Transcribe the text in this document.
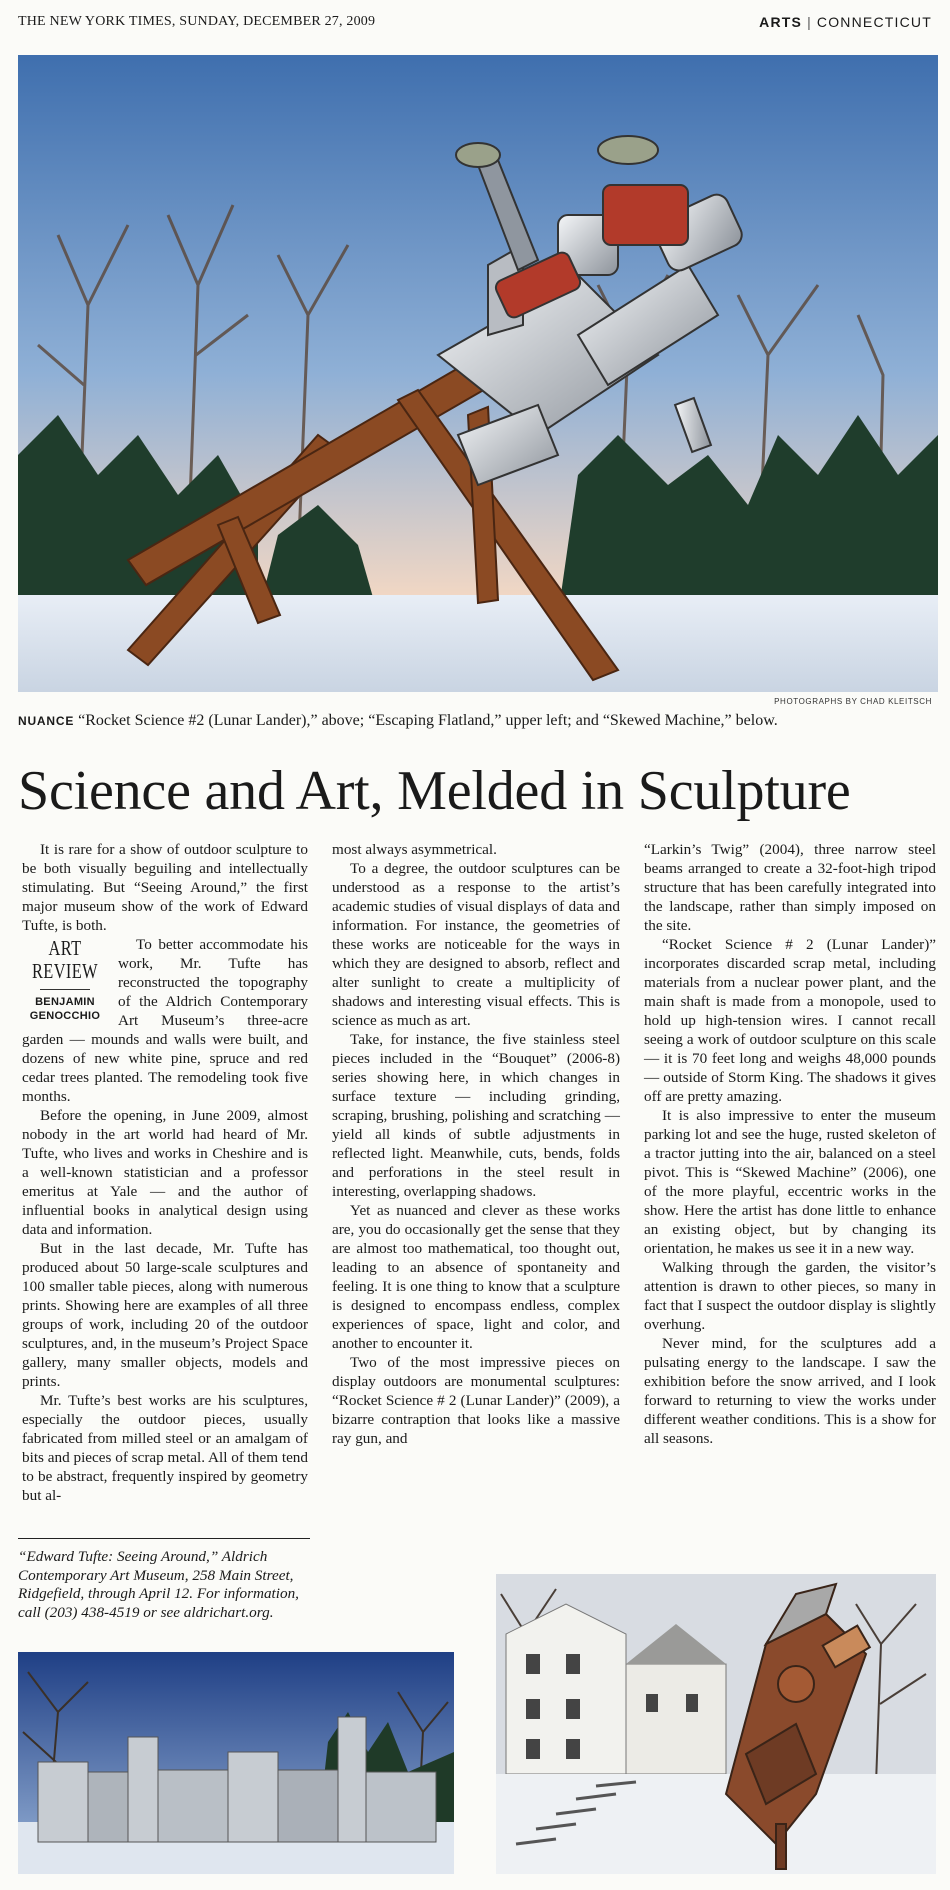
THE NEW YORK TIMES, SUNDAY, DECEMBER 27, 2009	ARTS | CONNECTICUT
PHOTOGRAPHS BY CHAD KLEITSCH
NUANCE “Rocket Science #2 (Lunar Lander),” above; “Escaping Flatland,” upper left; and “Skewed Machine,” below.
Science and Art, Melded in Sculpture

It is rare for a show of outdoor sculpture to be both visually beguiling and intellectually stimulating. But “Seeing Around,” the first major museum show of the work of Edward Tufte, is both.

ART
REVIEW
BENJAMIN
GENOCCHIO

To better accommodate his work, Mr. Tufte has reconstructed the topography of the Aldrich Contemporary Art Museum’s three-acre garden — mounds and walls were built, and dozens of new white pine, spruce and red cedar trees planted. The remodeling took five months.

Before the opening, in June 2009, almost nobody in the art world had heard of Mr. Tufte, who lives and works in Cheshire and is a well-known statistician and a professor emeritus at Yale — and the author of influential books in analytical design using data and information.

But in the last decade, Mr. Tufte has produced about 50 large-scale sculptures and 100 smaller table pieces, along with numerous prints. Showing here are examples of all three groups of work, including 20 of the outdoor sculptures, and, in the museum’s Project Space gallery, many smaller objects, models and prints.

Mr. Tufte’s best works are his sculptures, especially the outdoor pieces, usually fabricated from milled steel or an amalgam of bits and pieces of scrap metal. All of them tend to be abstract, frequently inspired by geometry but al-

most always asymmetrical.

To a degree, the outdoor sculptures can be understood as a response to the artist’s academic studies of visual displays of data and information. For instance, the geometries of these works are noticeable for the ways in which they are designed to absorb, reflect and alter sunlight to create a multiplicity of shadows and interesting visual effects. This is science as much as art.

Take, for instance, the five stainless steel pieces included in the “Bouquet” (2006-8) series showing here, in which changes in surface texture — including grinding, scraping, brushing, polishing and scratching — yield all kinds of subtle adjustments in reflected light. Meanwhile, cuts, bends, folds and perforations in the steel result in interesting, overlapping shadows.

Yet as nuanced and clever as these works are, you do occasionally get the sense that they are almost too mathematical, too thought out, leading to an absence of spontaneity and feeling. It is one thing to know that a sculpture is designed to encompass endless, complex experiences of space, light and color, and another to encounter it.

Two of the most impressive pieces on display outdoors are monumental sculptures: “Rocket Science # 2 (Lunar Lander)” (2009), a bizarre contraption that looks like a massive ray gun, and

“Larkin’s Twig” (2004), three narrow steel beams arranged to create a 32-foot-high tripod structure that has been carefully integrated into the landscape, rather than simply imposed on the site.

“Rocket Science # 2 (Lunar Lander)” incorporates discarded scrap metal, including materials from a nuclear power plant, and the main shaft is made from a monopole, used to hold up high-tension wires. I cannot recall seeing a work of outdoor sculpture on this scale — it is 70 feet long and weighs 48,000 pounds — outside of Storm King. The shadows it gives off are pretty amazing.

It is also impressive to enter the museum parking lot and see the huge, rusted skeleton of a tractor jutting into the air, balanced on a steel pivot. This is “Skewed Machine” (2006), one of the more playful, eccentric works in the show. Here the artist has done little to enhance an existing object, but by changing its orientation, he makes us see it in a new way.

Walking through the garden, the visitor’s attention is drawn to other pieces, so many in fact that I suspect the outdoor display is slightly overhung.

Never mind, for the sculptures add a pulsating energy to the landscape. I saw the exhibition before the snow arrived, and I look forward to returning to view the works under different weather conditions. This is a show for all seasons.

“Edward Tufte: Seeing Around,” Aldrich Contemporary Art Museum, 258 Main Street, Ridgefield, through April 12. For information, call (203) 438-4519 or see aldrichart.org.
